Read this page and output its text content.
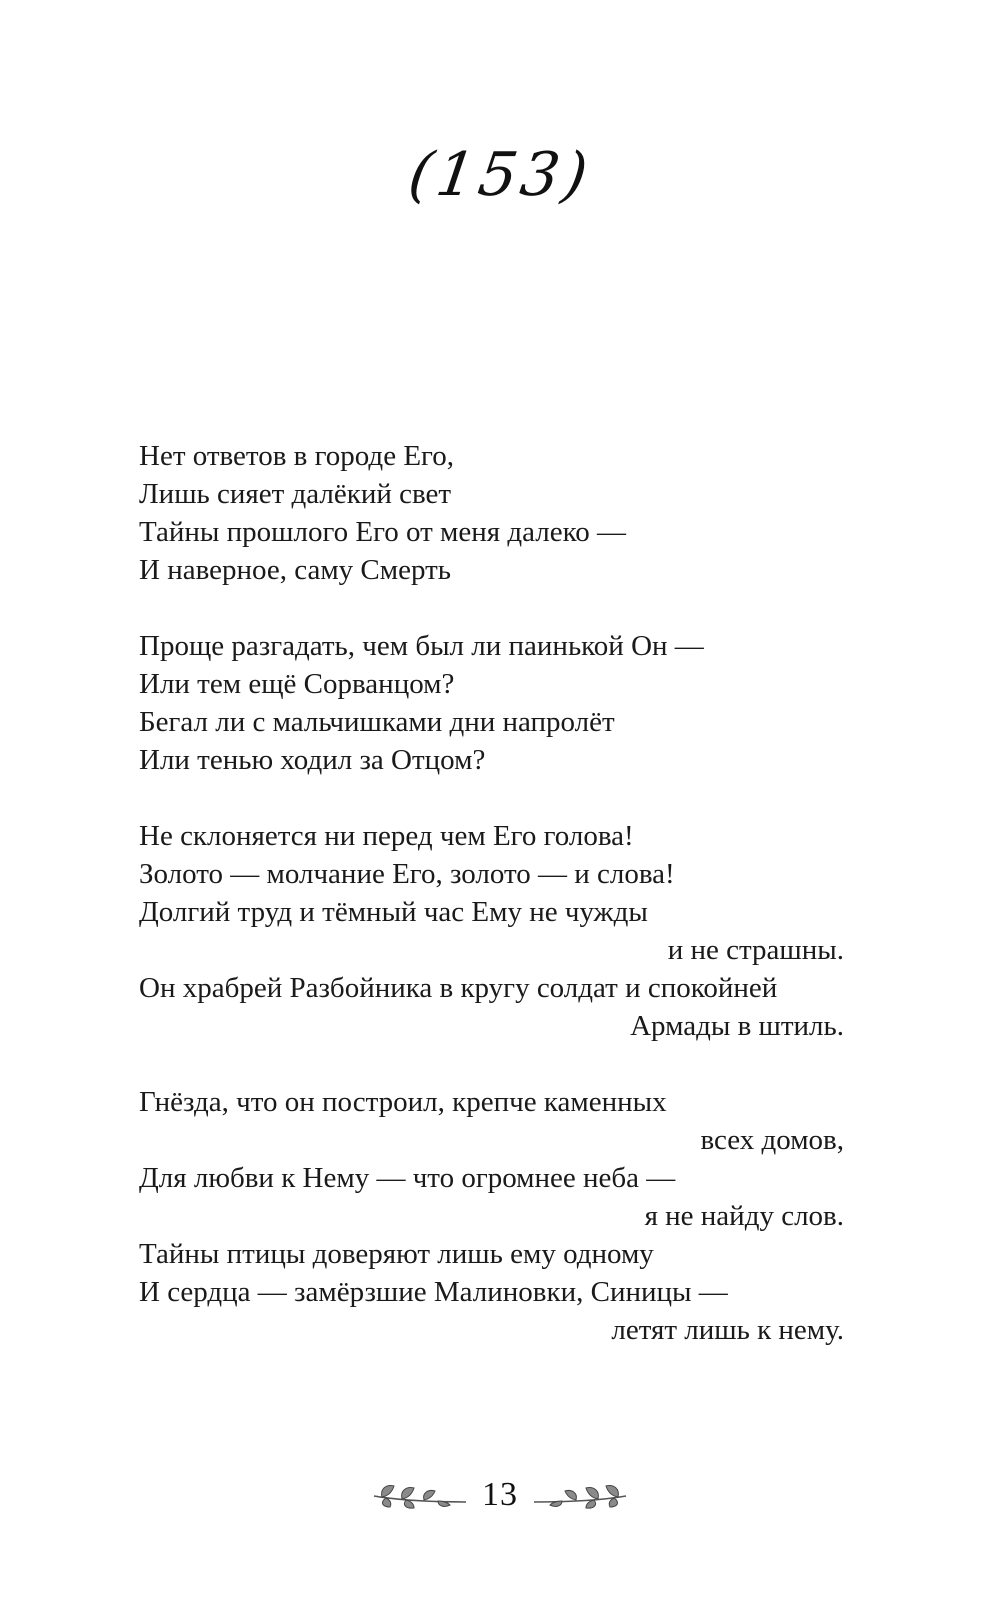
(153)
Нет ответов в городе Его,
Лишь сияет далёкий свет
Тайны прошлого Его от меня далеко —
И наверное, саму Смерть
Проще разгадать, чем был ли паинькой Он —
Или тем ещё Сорванцом?
Бегал ли с мальчишками дни напролёт
Или тенью ходил за Отцом?
Не склоняется ни перед чем Его голова!
Золото — молчание Его, золото — и слова!
Долгий труд и тёмный час Ему не чужды
и не страшны.
Он храбрей Разбойника в кругу солдат и спокойней
Армады в штиль.
Гнёзда, что он построил, крепче каменных
всех домов,
Для любви к Нему — что огромнее неба —
я не найду слов.
Тайны птицы доверяют лишь ему одному
И сердца — замёрзшие Малиновки, Синицы —
летят лишь к нему.
13
